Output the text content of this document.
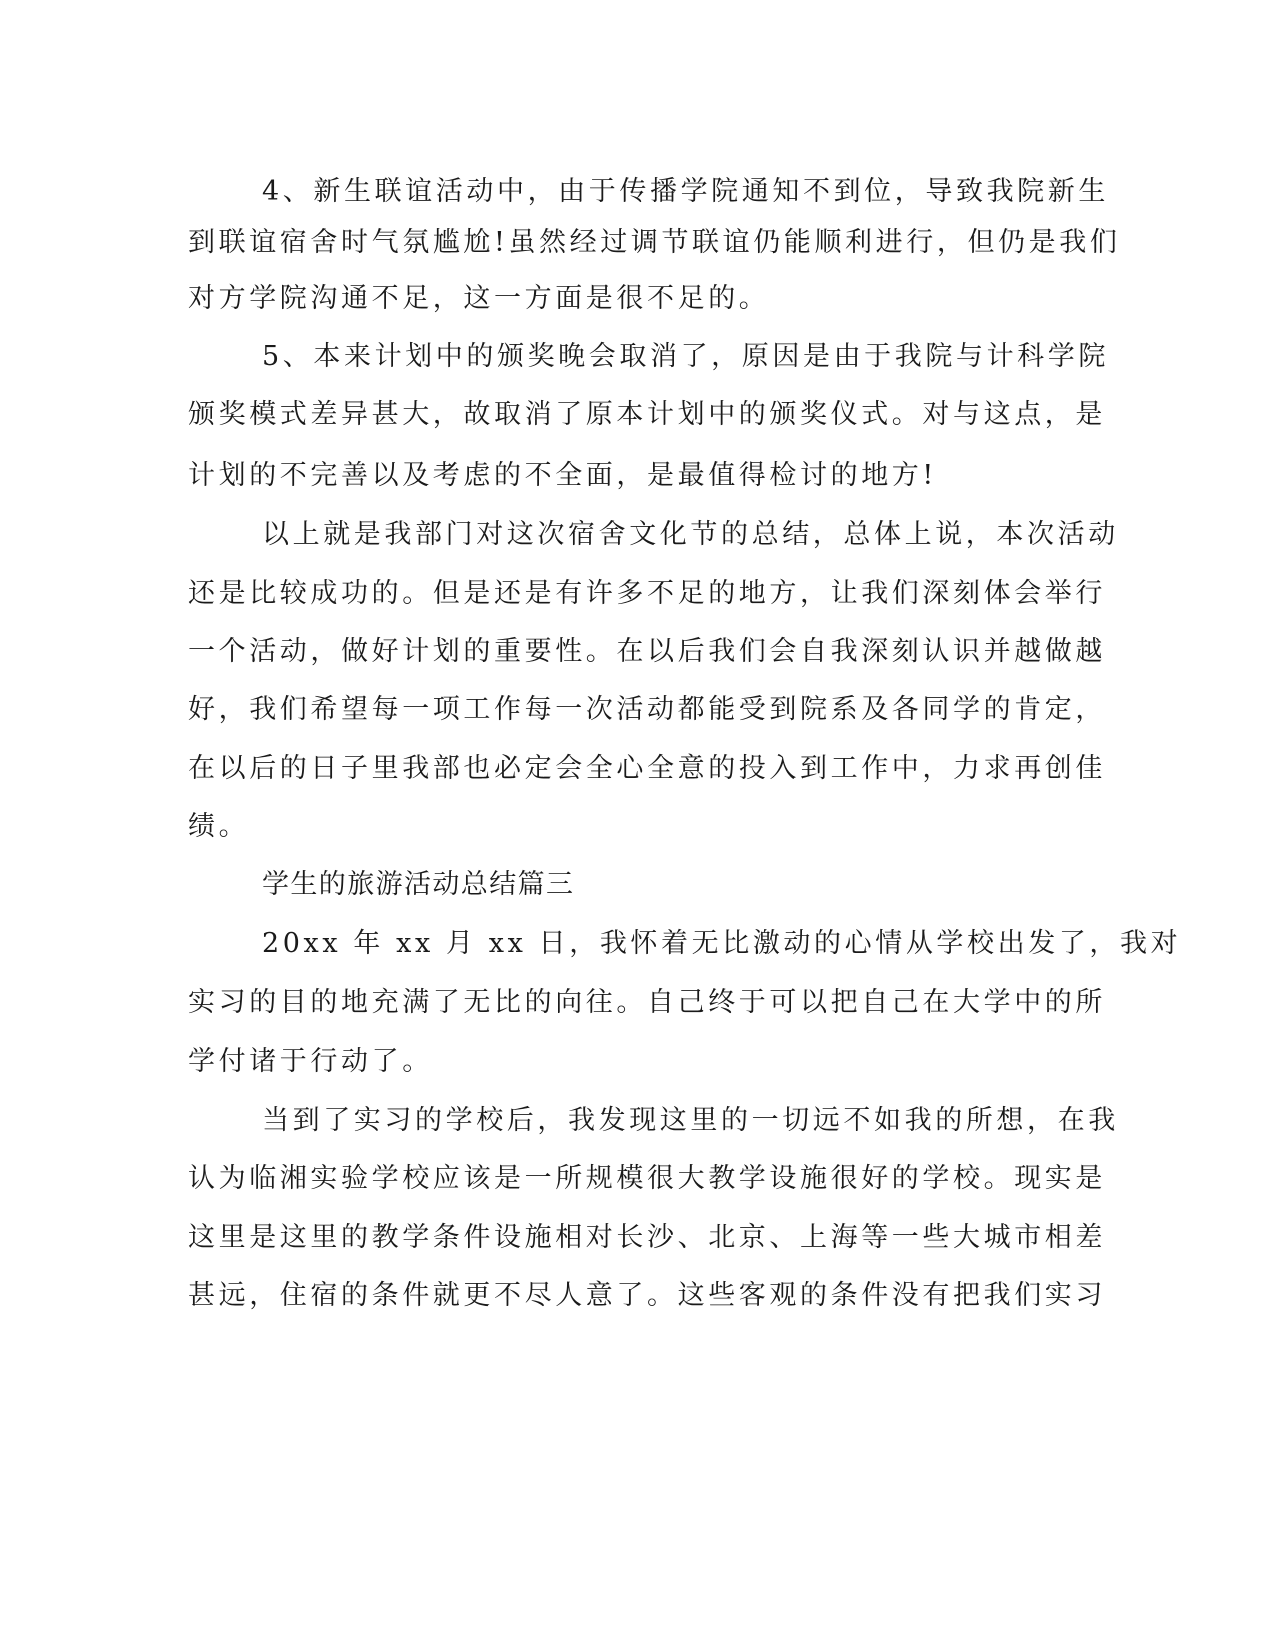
4、新生联谊活动中，由于传播学院通知不到位，导致我院新生
到联谊宿舍时气氛尴尬!虽然经过调节联谊仍能顺利进行，但仍是我们
对方学院沟通不足，这一方面是很不足的。
5、本来计划中的颁奖晚会取消了，原因是由于我院与计科学院
颁奖模式差异甚大，故取消了原本计划中的颁奖仪式。对与这点，是
计划的不完善以及考虑的不全面，是最值得检讨的地方!
以上就是我部门对这次宿舍文化节的总结，总体上说，本次活动
还是比较成功的。但是还是有许多不足的地方，让我们深刻体会举行
一个活动，做好计划的重要性。在以后我们会自我深刻认识并越做越
好，我们希望每一项工作每一次活动都能受到院系及各同学的肯定，
在以后的日子里我部也必定会全心全意的投入到工作中，力求再创佳
绩。
学生的旅游活动总结篇三
20xx 年 xx 月 xx 日，我怀着无比激动的心情从学校出发了，我对
实习的目的地充满了无比的向往。自己终于可以把自己在大学中的所
学付诸于行动了。
当到了实习的学校后，我发现这里的一切远不如我的所想，在我
认为临湘实验学校应该是一所规模很大教学设施很好的学校。现实是
这里是这里的教学条件设施相对长沙、北京、上海等一些大城市相差
甚远，住宿的条件就更不尽人意了。这些客观的条件没有把我们实习
